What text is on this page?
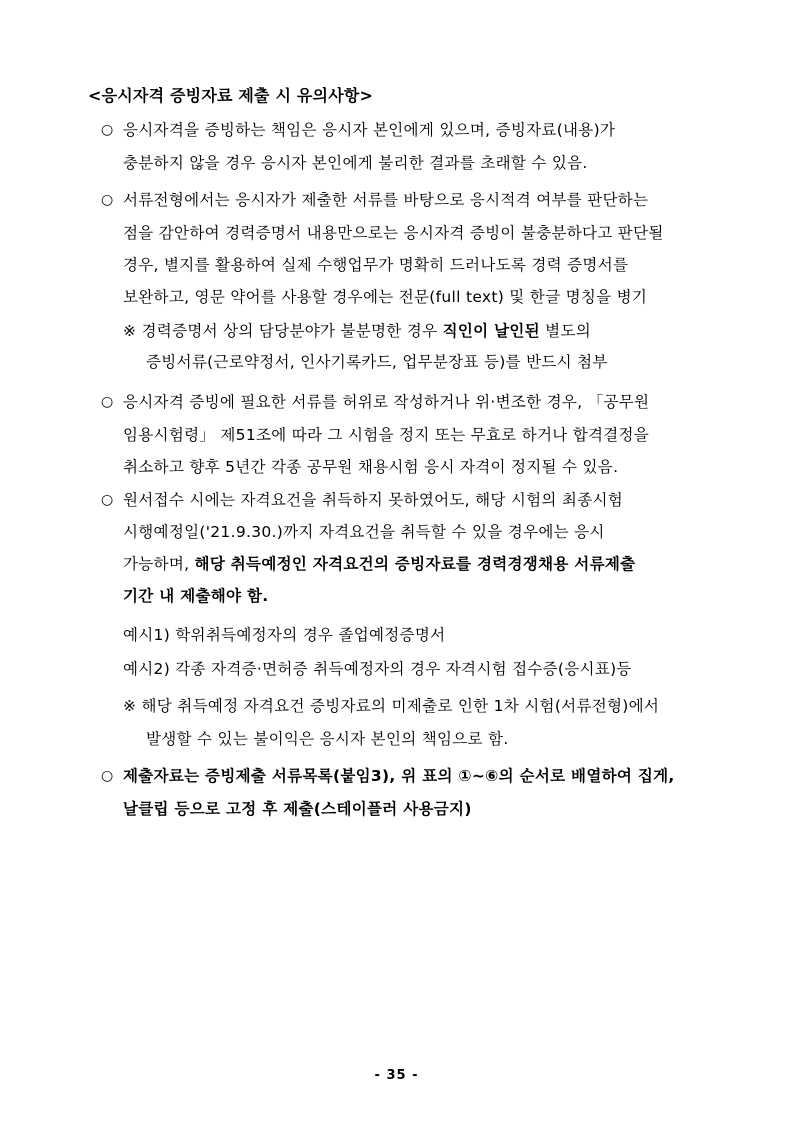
<응시자격 증빙자료 제출 시 유의사항>
○ 응시자격을 증빙하는 책임은 응시자 본인에게 있으며, 증빙자료(내용)가
충분하지 않을 경우 응시자 본인에게 불리한 결과를 초래할 수 있음.
○ 서류전형에서는 응시자가 제출한 서류를 바탕으로 응시적격 여부를 판단하는
점을 감안하여 경력증명서 내용만으로는 응시자격 증빙이 불충분하다고 판단될
경우, 별지를 활용하여 실제 수행업무가 명확히 드러나도록 경력 증명서를
보완하고, 영문 약어를 사용할 경우에는 전문(full text) 및 한글 명칭을 병기
※ 경력증명서 상의 담당분야가 불분명한 경우 직인이 날인된 별도의
증빙서류(근로약정서, 인사기록카드, 업무분장표 등)를 반드시 첨부
○ 응시자격 증빙에 필요한 서류를 허위로 작성하거나 위·변조한 경우, 「공무원
임용시험령」 제51조에 따라 그 시험을 정지 또는 무효로 하거나 합격결정을
취소하고 향후 5년간 각종 공무원 채용시험 응시 자격이 정지될 수 있음.
○ 원서접수 시에는 자격요건을 취득하지 못하였어도, 해당 시험의 최종시험
시행예정일('21.9.30.)까지 자격요건을 취득할 수 있을 경우에는 응시
가능하며, 해당 취득예정인 자격요건의 증빙자료를 경력경쟁채용 서류제출
기간 내 제출해야 함.
예시1) 학위취득예정자의 경우 졸업예정증명서
예시2) 각종 자격증·면허증 취득예정자의 경우 자격시험 접수증(응시표)등
※ 해당 취득예정 자격요건 증빙자료의 미제출로 인한 1차 시험(서류전형)에서
발생할 수 있는 불이익은 응시자 본인의 책임으로 함.
○ 제출자료는 증빙제출 서류목록(붙임3), 위 표의 ①~⑥의 순서로 배열하여 집게,
날클립 등으로 고정 후 제출(스테이플러 사용금지)
- 35 -
